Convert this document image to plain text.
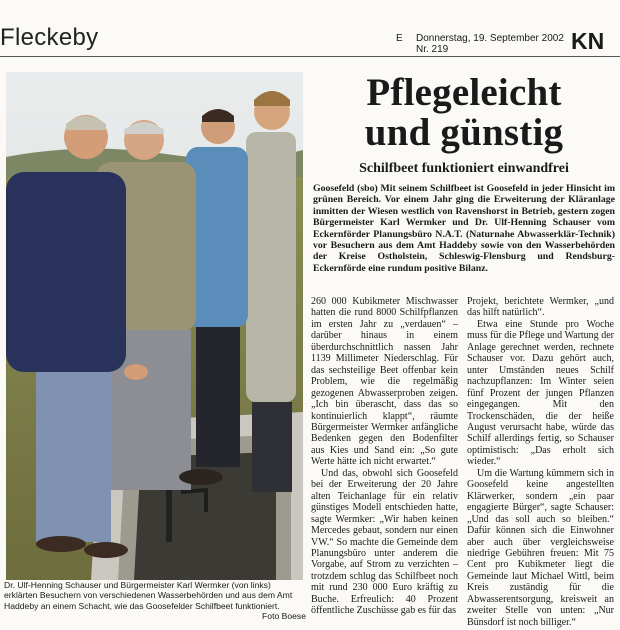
Fleckeby	E Donnerstag, 19. September 2002
Nr. 219	KN
Dr. Ulf-Henning Schauser und Bürgermeister Karl Wermker (von links) erklärten Besuchern von verschiedenen Wasserbehörden und aus dem Amt Haddeby an einem Schacht, wie das Goosefelder Schilfbeet funktioniert.
Foto Boese
Pflegeleicht
und günstig
Schilfbeet funktioniert einwandfrei

Goosefeld (sbo) Mit seinem Schilfbeet ist Goosefeld in jeder Hinsicht im grünen Bereich. Vor einem Jahr ging die Erweiterung der Kläranlage inmitten der Wiesen westlich von Ravenshorst in Betrieb, gestern zogen Bürgermeister Karl Wermker und Dr. Ulf-Henning Schauser vom Eckernförder Planungsbüro N.A.T. (Naturnahe Abwasserklär-Technik) vor Besuchern aus dem Amt Haddeby sowie von den Wasserbehörden der Kreise Ostholstein, Schleswig-Flensburg und Rendsburg-Eckernförde eine rundum positive Bilanz.

260 000 Kubikmeter Mischwasser hatten die rund 8000 Schilfpflanzen im ersten Jahr zu „verdauen“ – darüber hinaus in einem überdurchschnittlich nassen Jahr 1139 Millimeter Niederschlag. Für das sechsteilige Beet offenbar kein Problem, wie die regelmäßig gezogenen Abwasserproben zeigen. „Ich bin überascht, dass das so kontinuierlich klappt“, räumte Bürgermeister Wermker anfängliche Bedenken gegen den Bodenfilter aus Kies und Sand ein: „So gute Werte hätte ich nicht erwartet.“

Und das, obwohl sich Goosefeld bei der Erweiterung der 20 Jahre alten Teichanlage für ein relativ günstiges Modell entschieden hatte, sagte Wermker: „Wir haben keinen Mercedes gebaut, sondern nur einen VW.“ So machte die Gemeinde dem Planungsbüro unter anderem die Vorgabe, auf Strom zu verzichten – trotzdem schlug das Schilfbeet noch mit rund 230 000 Euro kräftig zu Buche. Erfreulich: 40 Prozent öffentliche Zuschüsse gab es für das

Projekt, berichtete Wermker, „und das hilft natürlich“.

Etwa eine Stunde pro Woche muss für die Pflege und Wartung der Anlage gerechnet werden, rechnete Schauser vor. Dazu gehört auch, unter Umständen neues Schilf nachzupflanzen: Im Winter seien fünf Prozent der jungen Pflanzen eingegangen. Mit den Trockenschäden, die der heiße August verursacht habe, würde das Schilf allerdings fertig, so Schauser optimistisch: „Das erholt sich wieder.“

Um die Wartung kümmern sich in Goosefeld keine angestellten Klärwerker, sondern „ein paar engagierte Bürger“, sagte Schauser: „Und das soll auch so bleiben.“ Dafür können sich die Einwohner aber auch über vergleichsweise niedrige Gebühren freuen: Mit 75 Cent pro Kubikmeter liegt die Gemeinde laut Michael Wittl, beim Kreis zuständig für die Abwasserentsorgung, kreisweit an zweiter Stelle von unten: „Nur Bünsdorf ist noch billiger.“
